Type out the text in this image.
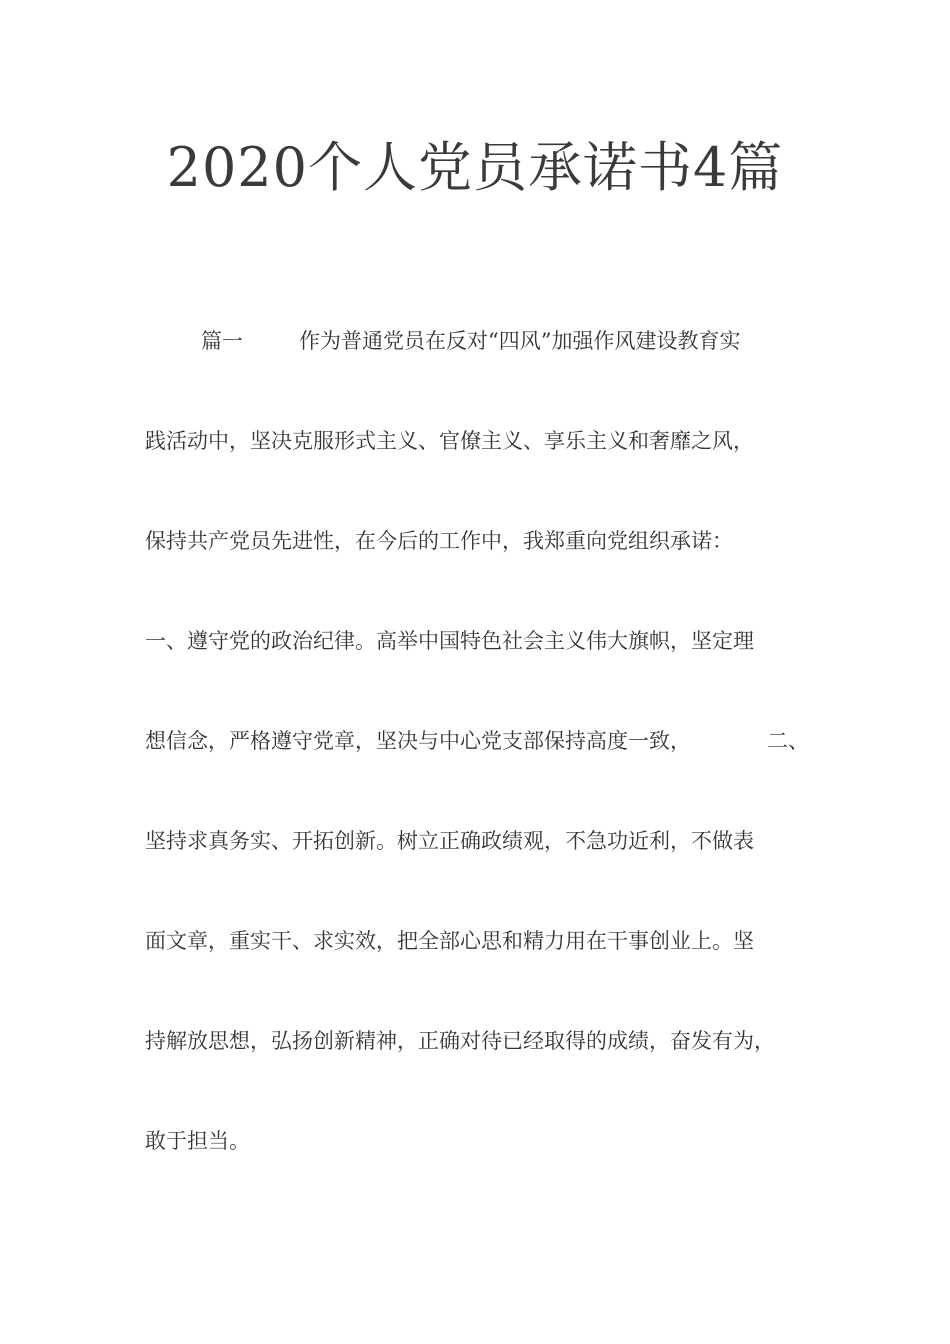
2020个人党员承诺书4篇
篇一	作为普通党员在反对“四风”加强作风建设教育实
践活动中，坚决克服形式主义、官僚主义、享乐主义和奢靡之风，
保持共产党员先进性，在今后的工作中，我郑重向党组织承诺：
一、遵守党的政治纪律。高举中国特色社会主义伟大旗帜，坚定理
想信念，严格遵守党章，坚决与中心党支部保持高度一致，	二、
坚持求真务实、开拓创新。树立正确政绩观，不急功近利，不做表
面文章，重实干、求实效，把全部心思和精力用在干事创业上。坚
持解放思想，弘扬创新精神，正确对待已经取得的成绩，奋发有为，
敢于担当。
